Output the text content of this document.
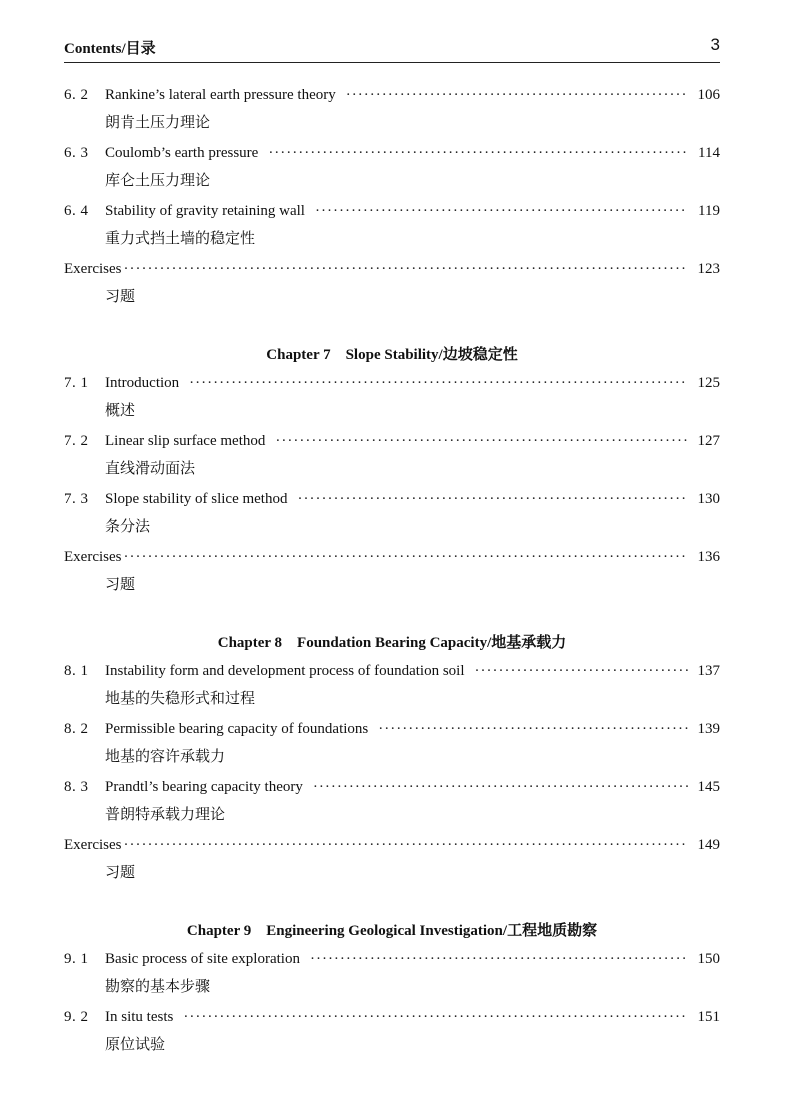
Contents/目录	3
6. 2	Rankine’s lateral earth pressure theory ·····	106
朗肯土压力理论
6. 3	Coulomb’s earth pressure ·····	114
库仑土压力理论
6. 4	Stability of gravity retaining wall ·····	119
重力式挡土墙的稳定性
Exercises ·····	123
习题
Chapter 7 Slope Stability/边坡稳定性
7. 1	Introduction ·····	125
概述
7. 2	Linear slip surface method ·····	127
直线滑动面法
7. 3	Slope stability of slice method ·····	130
条分法
Exercises ·····	136
习题
Chapter 8 Foundation Bearing Capacity/地基承载力
8. 1	Instability form and development process of foundation soil ·····	137
地基的失稳形式和过程
8. 2	Permissible bearing capacity of foundations ·····	139
地基的容许承载力
8. 3	Prandtl’s bearing capacity theory ·····	145
普朗特承载力理论
Exercises ·····	149
习题
Chapter 9 Engineering Geological Investigation/工程地质勘察
9. 1	Basic process of site exploration ·····	150
勘察的基本步骤
9. 2	In situ tests ·····	151
原位试验
